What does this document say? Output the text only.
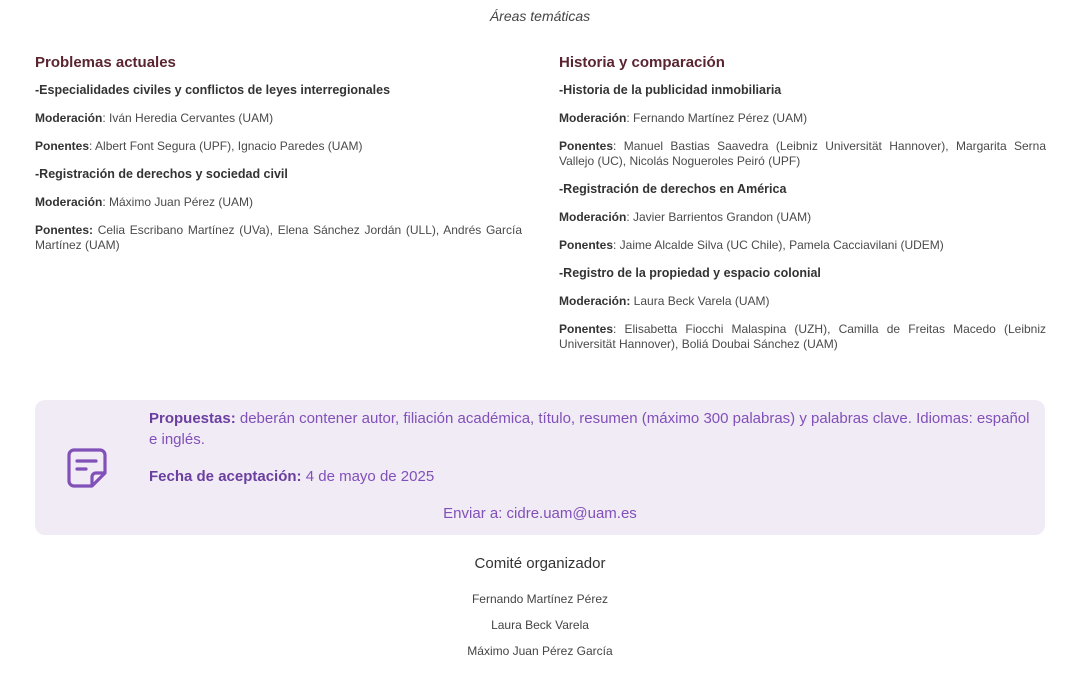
Áreas temáticas
Problemas actuales
-Especialidades civiles y conflictos de leyes interregionales
Moderación: Iván Heredia Cervantes (UAM)
Ponentes: Albert Font Segura (UPF), Ignacio Paredes (UAM)
-Registración de derechos y sociedad civil
Moderación: Máximo Juan Pérez (UAM)
Ponentes: Celia Escribano Martínez (UVa), Elena Sánchez Jordán (ULL), Andrés García Martínez (UAM)
Historia y comparación
-Historia de la publicidad inmobiliaria
Moderación: Fernando Martínez Pérez (UAM)
Ponentes: Manuel Bastias Saavedra (Leibniz Universität Hannover), Margarita Serna Vallejo (UC), Nicolás Nogueroles Peiró (UPF)
-Registración de derechos en América
Moderación: Javier Barrientos Grandon (UAM)
Ponentes: Jaime Alcalde Silva (UC Chile), Pamela Cacciavilani (UDEM)
-Registro de la propiedad y espacio colonial
Moderación: Laura Beck Varela (UAM)
Ponentes: Elisabetta Fiocchi Malaspina (UZH), Camilla de Freitas Macedo (Leibniz Universität Hannover), Boliá Doubai Sánchez (UAM)

Propuestas: deberán contener autor, filiación académica, título, resumen (máximo 300 palabras) y palabras clave. Idiomas: español e inglés.

Fecha de aceptación: 4 de mayo de 2025

Enviar a: cidre.uam@uam.es
Comité organizador
Fernando Martínez Pérez
Laura Beck Varela
Máximo Juan Pérez García
